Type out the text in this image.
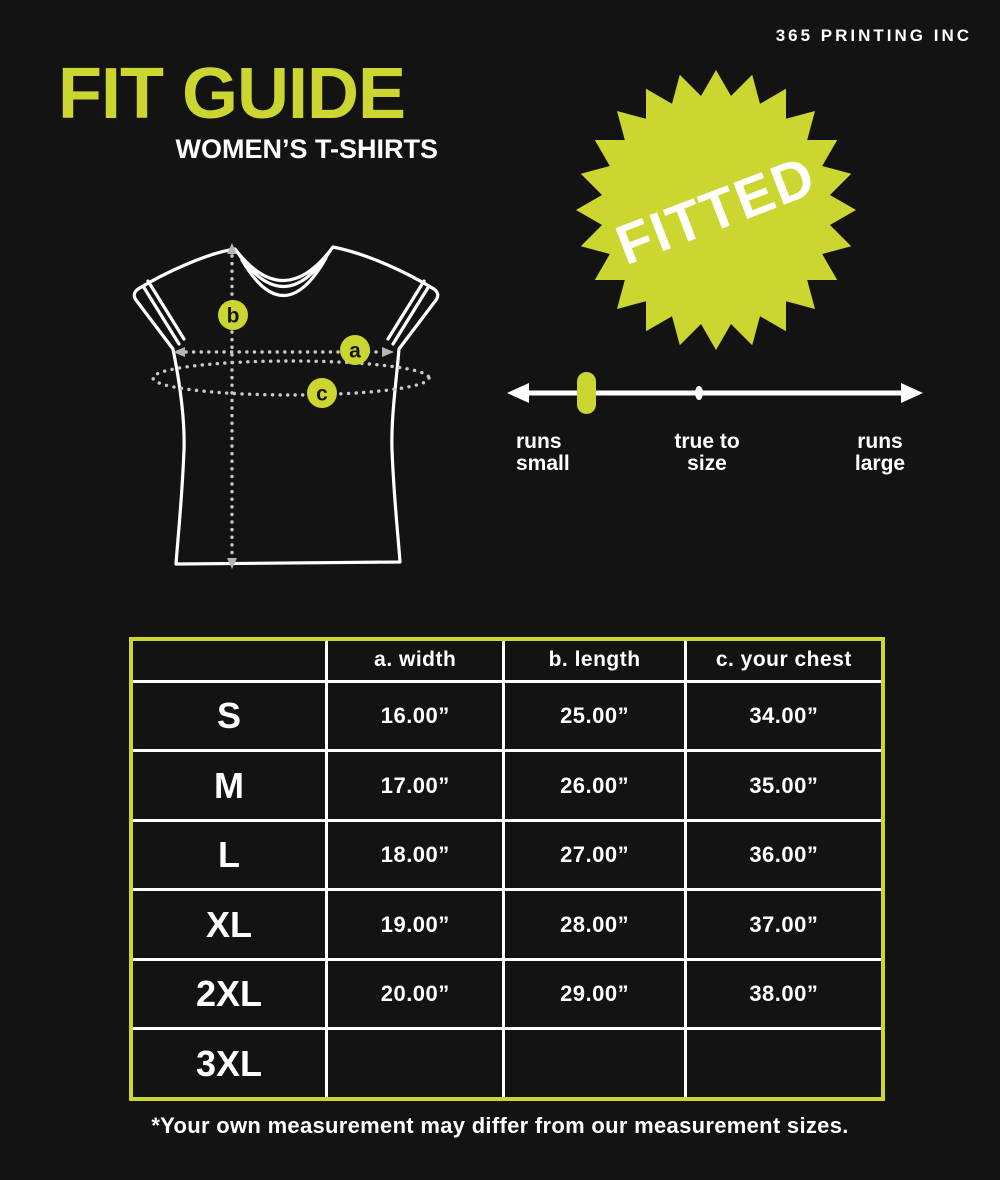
365 PRINTING INC
FIT GUIDE
WOMEN’S T-SHIRTS	FITTED
b
a
c
runs
small
true to
size
runs
large
	a. width	b. length	c. your chest
S	16.00”	25.00”	34.00”
M	17.00”	26.00”	35.00”
L	18.00”	27.00”	36.00”
XL	19.00”	28.00”	37.00”
2XL	20.00”	29.00”	38.00”
3XL			
*Your own measurement may differ from our measurement sizes.
